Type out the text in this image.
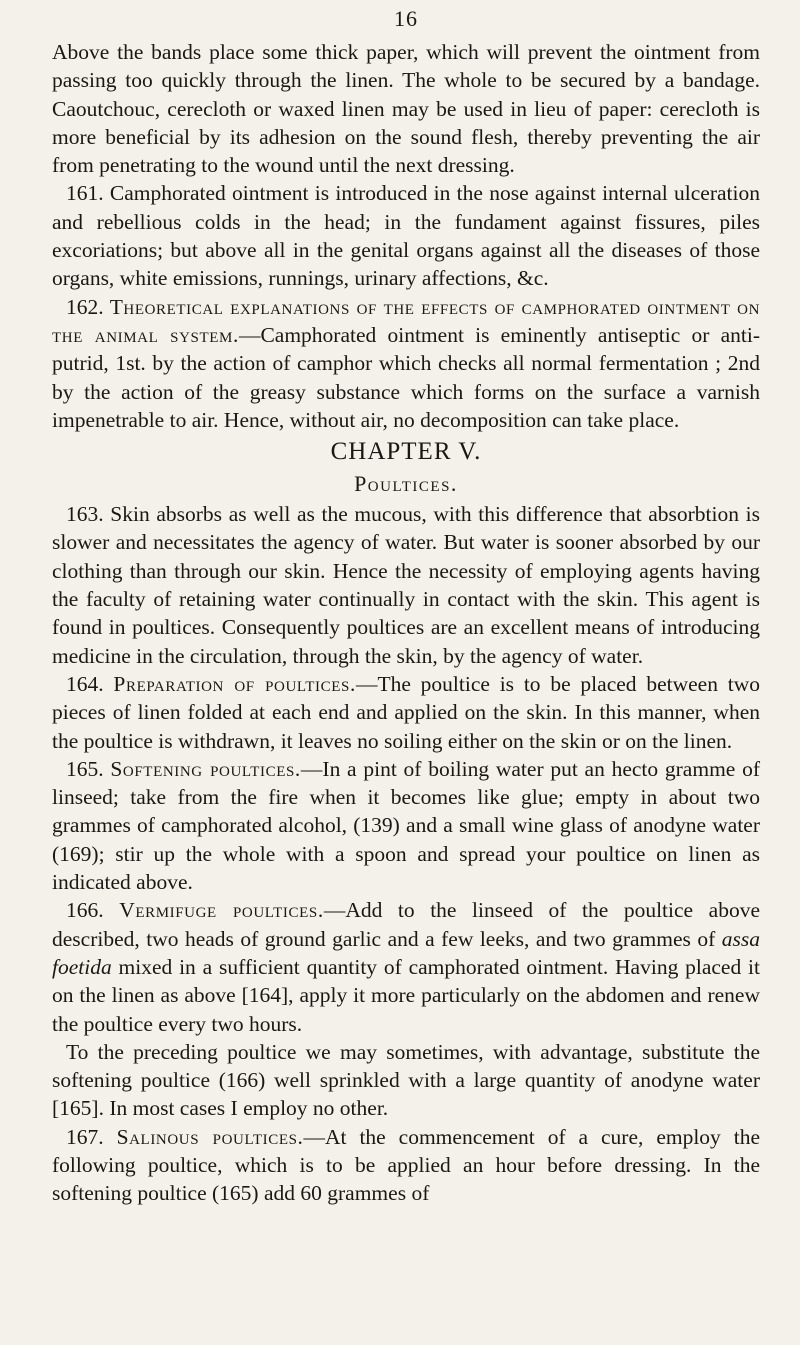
16

Above the bands place some thick paper, which will prevent the ointment from passing too quickly through the linen. The whole to be secured by a bandage. Caoutchouc, cerecloth or waxed linen may be used in lieu of paper: cerecloth is more beneficial by its adhesion on the sound flesh, thereby preventing the air from penetrating to the wound until the next dressing.

161. Camphorated ointment is introduced in the nose against internal ulceration and rebellious colds in the head; in the fundament against fissures, piles excoriations; but above all in the genital organs against all the diseases of those organs, white emissions, runnings, urinary affections, &c.

162. Theoretical explanations of the effects of camphorated ointment on the animal system.—Camphorated ointment is eminently antiseptic or anti-putrid, 1st. by the action of camphor which checks all normal fermentation ; 2nd by the action of the greasy substance which forms on the surface a varnish impenetrable to air. Hence, without air, no decomposition can take place.

CHAPTER V.
Poultices.

163. Skin absorbs as well as the mucous, with this difference that absorbtion is slower and necessitates the agency of water. But water is sooner absorbed by our clothing than through our skin. Hence the necessity of employing agents having the faculty of retaining water continually in contact with the skin. This agent is found in poultices. Consequently poultices are an excellent means of introducing medicine in the circulation, through the skin, by the agency of water.

164. Preparation of poultices.—The poultice is to be placed between two pieces of linen folded at each end and applied on the skin. In this manner, when the poultice is withdrawn, it leaves no soiling either on the skin or on the linen.

165. Softening poultices.—In a pint of boiling water put an hecto gramme of linseed; take from the fire when it becomes like glue; empty in about two grammes of camphorated alcohol, (139) and a small wine glass of anodyne water (169); stir up the whole with a spoon and spread your poultice on linen as indicated above.

166. Vermifuge poultices.—Add to the linseed of the poultice above described, two heads of ground garlic and a few leeks, and two grammes of assa foetida mixed in a sufficient quantity of camphorated ointment. Having placed it on the linen as above [164], apply it more particularly on the abdomen and renew the poultice every two hours.

To the preceding poultice we may sometimes, with advantage, substitute the softening poultice (166) well sprinkled with a large quantity of anodyne water [165]. In most cases I employ no other.

167. Salinous poultices.—At the commencement of a cure, employ the following poultice, which is to be applied an hour before dressing. In the softening poultice (165) add 60 grammes of
